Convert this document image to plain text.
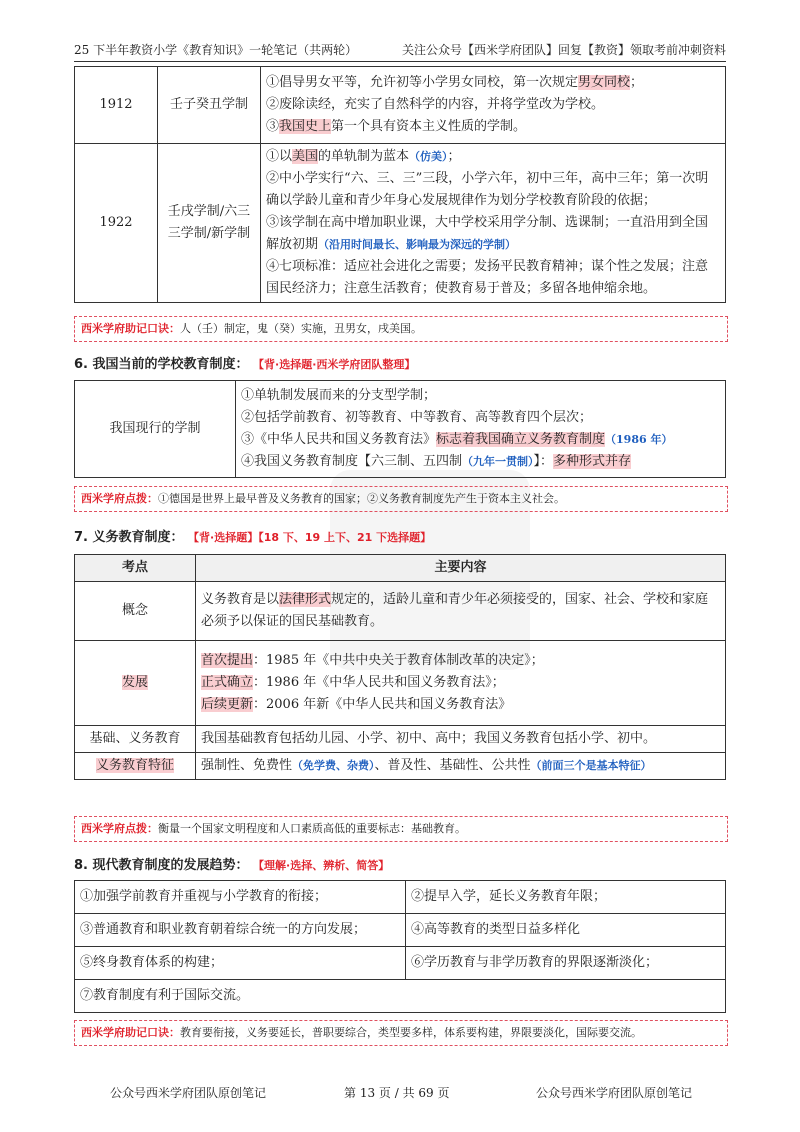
25 下半年教资小学《教育知识》一轮笔记（共两轮）	关注公众号【西米学府团队】回复【教资】领取考前冲刺资料
1912	壬子癸丑学制	①倡导男女平等，允许初等小学男女同校，第一次规定男女同校；
②废除读经，充实了自然科学的内容，并将学堂改为学校。
③我国史上第一个具有资本主义性质的学制。

1922	壬戌学制/六三三学制/新学制	①以美国的单轨制为蓝本（仿美）；
②中小学实行“六、三、三”三段，小学六年，初中三年，高中三年；第一次明确以学龄儿童和青少年身心发展规律作为划分学校教育阶段的依据；
③该学制在高中增加职业课，大中学校采用学分制、选课制；一直沿用到全国解放初期（沿用时间最长、影响最为深远的学制）
④七项标准：适应社会进化之需要；发扬平民教育精神；谋个性之发展；注意国民经济力；注意生活教育；使教育易于普及；多留各地伸缩余地。
西米学府助记口诀：人（壬）制定，鬼（癸）实施，丑男女，戌美国。
6. 我国当前的学校教育制度： 【背·选择题·西米学府团队整理】
我国现行的学制	
①单轨制发展而来的分支型学制；
②包括学前教育、初等教育、中等教育、高等教育四个层次；
③《中华人民共和国义务教育法》标志着我国确立义务教育制度（1986 年）
④我国义务教育制度【六三制、五四制（九年一贯制）】：多种形式并存
西米学府点拨：①德国是世界上最早普及义务教育的国家；②义务教育制度先产生于资本主义社会。
7. 义务教育制度： 【背·选择题】【18 下、19 上下、21 下选择题】
考点	主要内容
概念	义务教育是以法律形式规定的，适龄儿童和青少年必须接受的，国家、社会、学校和家庭必须予以保证的国民基础教育。
发展	首次提出：1985 年《中共中央关于教育体制改革的决定》；
正式确立：1986 年《中华人民共和国义务教育法》；
后续更新：2006 年新《中华人民共和国义务教育法》

基础、义务教育	我国基础教育包括幼儿园、小学、初中、高中；我国义务教育包括小学、初中。
义务教育特征	强制性、免费性（免学费、杂费）、普及性、基础性、公共性（前面三个是基本特征）
西米学府点拨：衡量一个国家文明程度和人口素质高低的重要标志：基础教育。
8. 现代教育制度的发展趋势： 【理解·选择、辨析、简答】
①加强学前教育并重视与小学教育的衔接；	②提早入学，延长义务教育年限；
③普通教育和职业教育朝着综合统一的方向发展；	④高等教育的类型日益多样化
⑤终身教育体系的构建；	⑥学历教育与非学历教育的界限逐渐淡化；
⑦教育制度有利于国际交流。	
西米学府助记口诀：教育要衔接，义务要延长，普职要综合，类型要多样，体系要构建，界限要淡化，国际要交流。
公众号西米学府团队原创笔记	第 13 页 / 共 69 页	公众号西米学府团队原创笔记
